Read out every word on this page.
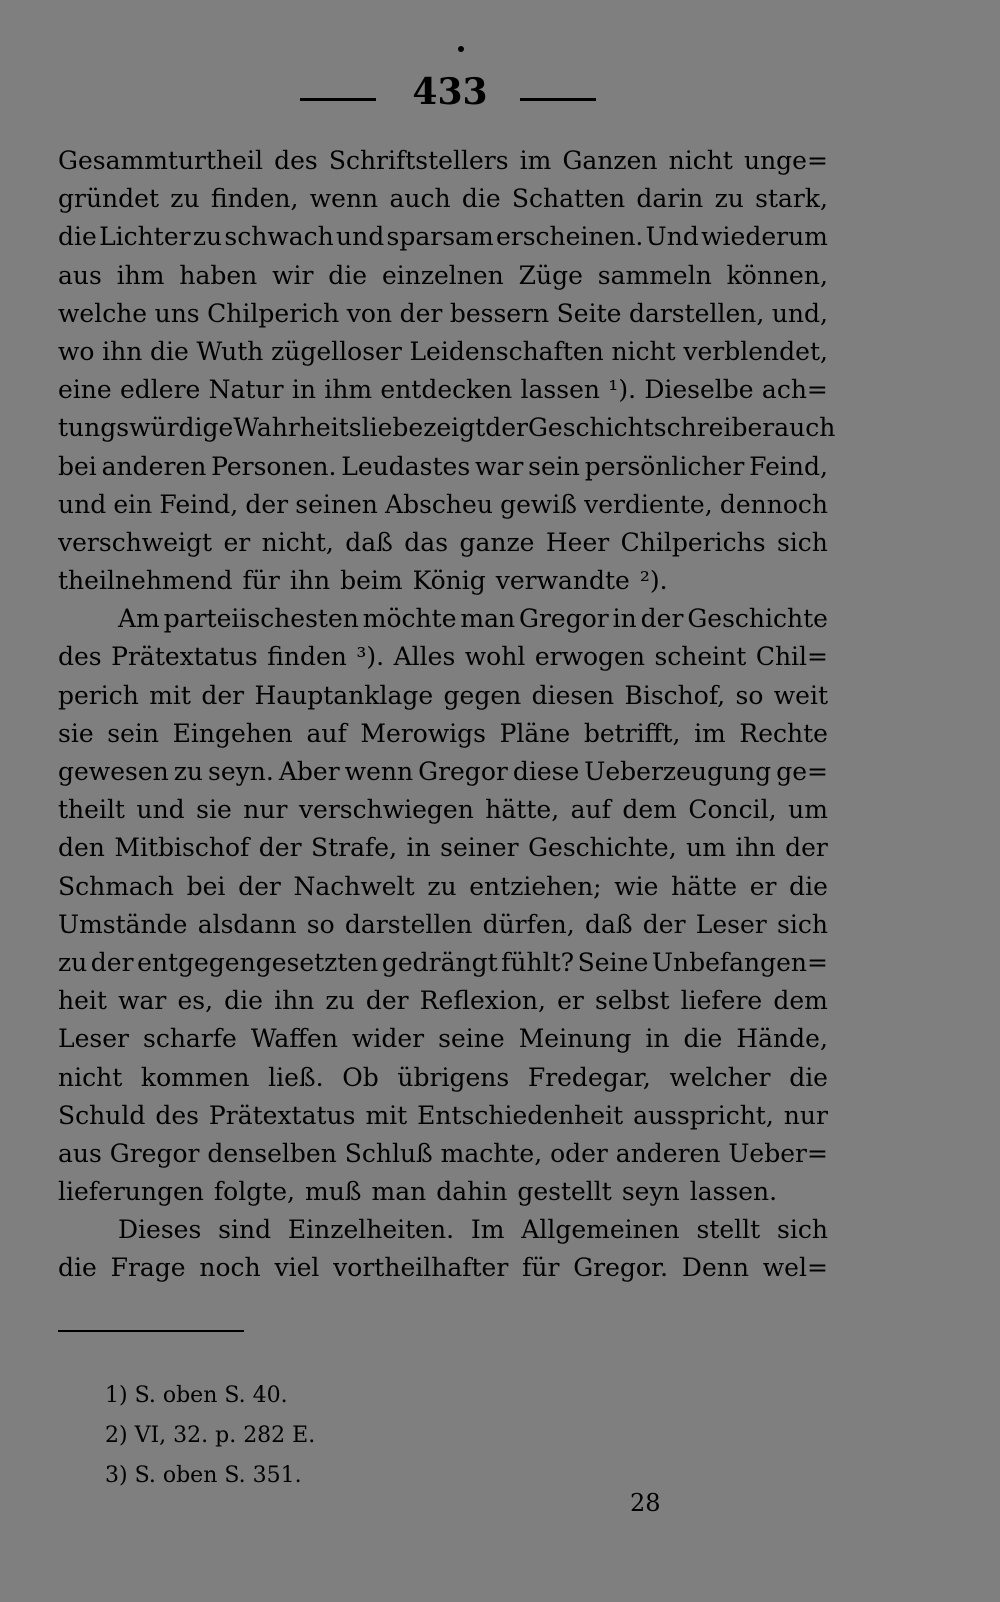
433
Gesammturtheil des Schriftstellers im Ganzen nicht unge=
gründet zu finden, wenn auch die Schatten darin zu stark,
die Lichter zu schwach und sparsam erscheinen. Und wiederum
aus ihm haben wir die einzelnen Züge sammeln können,
welche uns Chilperich von der bessern Seite darstellen, und,
wo ihn die Wuth zügelloser Leidenschaften nicht verblendet,
eine edlere Natur in ihm entdecken lassen ¹). Dieselbe ach=
tungswürdige Wahrheitsliebe zeigt der Geschichtschreiber auch
bei anderen Personen. Leudastes war sein persönlicher Feind,
und ein Feind, der seinen Abscheu gewiß verdiente, dennoch
verschweigt er nicht, daß das ganze Heer Chilperichs sich
theilnehmend für ihn beim König verwandte ²).
Am parteiischesten möchte man Gregor in der Geschichte
des Prätextatus finden ³). Alles wohl erwogen scheint Chil=
perich mit der Hauptanklage gegen diesen Bischof, so weit
sie sein Eingehen auf Merowigs Pläne betrifft, im Rechte
gewesen zu seyn. Aber wenn Gregor diese Ueberzeugung ge=
theilt und sie nur verschwiegen hätte, auf dem Concil, um
den Mitbischof der Strafe, in seiner Geschichte, um ihn der
Schmach bei der Nachwelt zu entziehen; wie hätte er die
Umstände alsdann so darstellen dürfen, daß der Leser sich
zu der entgegengesetzten gedrängt fühlt? Seine Unbefangen=
heit war es, die ihn zu der Reflexion, er selbst liefere dem
Leser scharfe Waffen wider seine Meinung in die Hände,
nicht kommen ließ. Ob übrigens Fredegar, welcher die
Schuld des Prätextatus mit Entschiedenheit ausspricht, nur
aus Gregor denselben Schluß machte, oder anderen Ueber=
lieferungen folgte, muß man dahin gestellt seyn lassen.
Dieses sind Einzelheiten. Im Allgemeinen stellt sich
die Frage noch viel vortheilhafter für Gregor. Denn wel=
1) S. oben S. 40.
2) VI, 32. p. 282 E.
3) S. oben S. 351.
28
